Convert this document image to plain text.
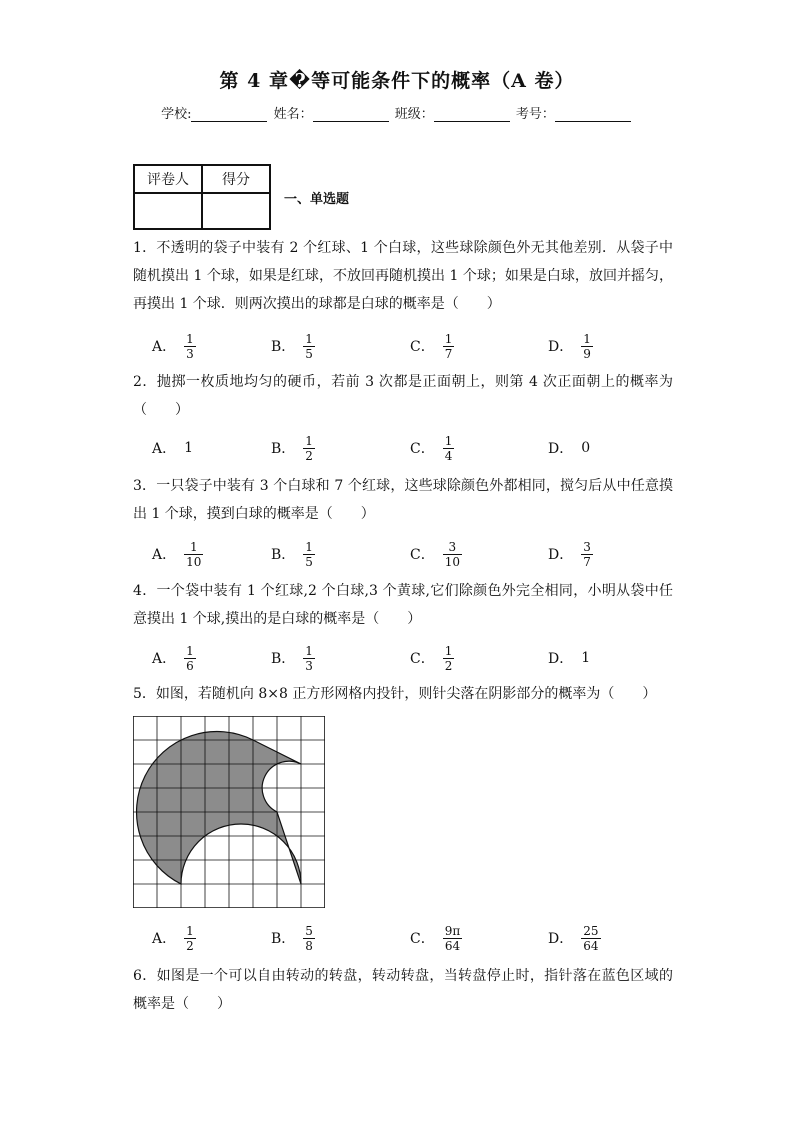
第 4 章�等可能条件下的概率（A 卷）
学校:	姓名：	班级：	考号：
评卷人	得分

一、单选题
1．不透明的袋子中装有 2 个红球、1 个白球，这些球除颜色外无其他差别．从袋子中随机摸出 1 个球，如果是红球，不放回再随机摸出 1 个球；如果是白球，放回并摇匀，再摸出 1 个球．则两次摸出的球都是白球的概率是（　　）
A． $\frac{1}{3}$	B． $\frac{1}{5}$	C． $\frac{1}{7}$	D． $\frac{1}{9}$
2．抛掷一枚质地均匀的硬币，若前 3 次都是正面朝上，则第 4 次正面朝上的概率为（　　）
A． 1	B． $\frac{1}{2}$	C． $\frac{1}{4}$	D． 0
3．一只袋子中装有 3 个白球和 7 个红球，这些球除颜色外都相同，搅匀后从中任意摸出 1 个球，摸到白球的概率是（　　）
A． $\frac{1}{10}$	B． $\frac{1}{5}$	C． $\frac{3}{10}$	D． $\frac{3}{7}$
4．一个袋中装有 1 个红球,2 个白球,3 个黄球,它们除颜色外完全相同，小明从袋中任意摸出 1 个球,摸出的是白球的概率是（　　）
A． $\frac{1}{6}$	B． $\frac{1}{3}$	C． $\frac{1}{2}$	D． 1
5．如图，若随机向 8×8 正方形网格内投针，则针尖落在阴影部分的概率为（　　）
A． $\frac{1}{2}$	B． $\frac{5}{8}$	C． $\frac{9\pi}{64}$	D． $\frac{25}{64}$
6．如图是一个可以自由转动的转盘，转动转盘，当转盘停止时，指针落在蓝色区域的概率是（　　）
